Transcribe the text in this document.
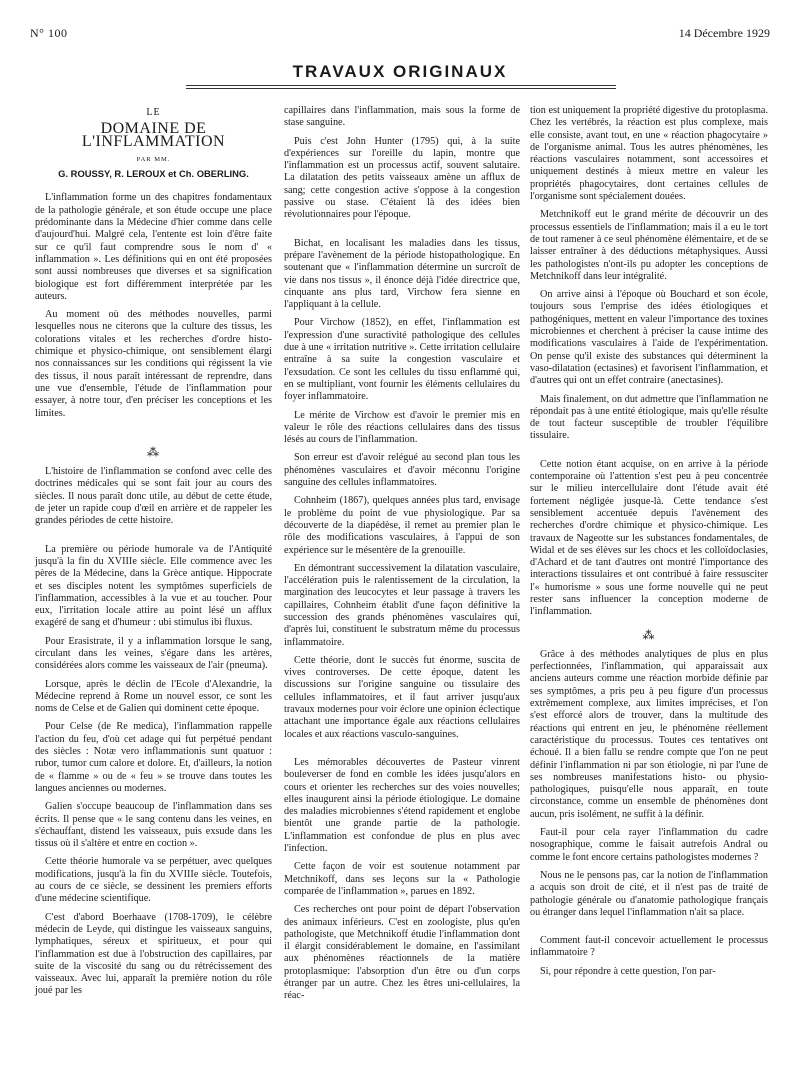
N° 100	14 Décembre 1929
TRAVAUX ORIGINAUX
LE
DOMAINE DE L'INFLAMMATION
PAR MM.
G. ROUSSY, R. LEROUX et Ch. OBERLING.

L'inflammation forme un des chapitres fondamentaux de la pathologie générale, et son étude occupe une place prédominante dans la Médecine d'hier comme dans celle d'aujourd'hui. Malgré cela, l'entente est loin d'être faite sur ce qu'il faut comprendre sous le nom d' « inflammation ». Les définitions qui en ont été proposées sont aussi nombreuses que diverses et sa signification biologique est fort différemment interprétée par les auteurs.

Au moment où des méthodes nouvelles, parmi lesquelles nous ne citerons que la culture des tissus, les colorations vitales et les recherches d'ordre histo-chimique et physico-chimique, ont sensiblement élargi nos connaissances sur les conditions qui régissent la vie des tissus, il nous paraît intéressant de reprendre, dans une vue d'ensemble, l'étude de l'inflammation pour essayer, à notre tour, d'en préciser les conceptions et les limites.

⁂

L'histoire de l'inflammation se confond avec celle des doctrines médicales qui se sont fait jour au cours des siècles. Il nous paraît donc utile, au début de cette étude, de jeter un rapide coup d'œil en arrière et de rappeler les grandes périodes de cette histoire.

La première ou période humorale va de l'Antiquité jusqu'à la fin du XVIIIe siècle. Elle commence avec les pères de la Médecine, dans la Grèce antique. Hippocrate et ses disciples notent les symptômes superficiels de l'inflammation, accessibles à la vue et au toucher. Pour eux, l'irritation locale attire au point lésé un afflux exagéré de sang et d'humeur : ubi stimulus ibi fluxus.

Pour Erasistrate, il y a inflammation lorsque le sang, circulant dans les veines, s'égare dans les artères, considérées alors comme les vaisseaux de l'air (pneuma).

Lorsque, après le déclin de l'Ecole d'Alexandrie, la Médecine reprend à Rome un nouvel essor, ce sont les noms de Celse et de Galien qui dominent cette époque.

Pour Celse (de Re medica), l'inflammation rappelle l'action du feu, d'où cet adage qui fut perpétué pendant des siècles : Notæ vero inflammationis sunt quatuor : rubor, tumor cum calore et dolore. Et, d'ailleurs, la notion de « flamme » ou de « feu » se trouve dans toutes les langues anciennes ou modernes.

Galien s'occupe beaucoup de l'inflammation dans ses écrits. Il pense que « le sang contenu dans les veines, en s'échauffant, distend les vaisseaux, puis exsude dans les tissus où il s'altère et entre en coction ».

Cette théorie humorale va se perpétuer, avec quelques modifications, jusqu'à la fin du XVIIIe siècle. Toutefois, au cours de ce siècle, se dessinent les premiers efforts d'une médecine scientifique.

C'est d'abord Boerhaave (1708-1709), le célèbre médecin de Leyde, qui distingue les vaisseaux sanguins, lymphatiques, séreux et spiritueux, et pour qui l'inflammation est due à l'obstruction des capillaires, par suite de la viscosité du sang ou du rétrécissement des vaisseaux. Avec lui, apparaît la première notion du rôle joué par les

capillaires dans l'inflammation, mais sous la forme de stase sanguine.

Puis c'est John Hunter (1795) qui, à la suite d'expériences sur l'oreille du lapin, montre que l'inflammation est un processus actif, souvent salutaire. La dilatation des petits vaisseaux amène un afflux de sang; cette congestion active s'oppose à la congestion passive ou stase. C'étaient là des idées bien révolutionnaires pour l'époque.

Bichat, en localisant les maladies dans les tissus, prépare l'avènement de la période histopathologique. En soutenant que « l'inflammation détermine un surcroît de vie dans nos tissus », il énonce déjà l'idée directrice que, cinquante ans plus tard, Virchow fera sienne en l'appliquant à la cellule.

Pour Virchow (1852), en effet, l'inflammation est l'expression d'une suractivité pathologique des cellules due à une « irritation nutritive ». Cette irritation cellulaire entraîne à sa suite la congestion vasculaire et l'exsudation. Ce sont les cellules du tissu enflammé qui, en se multipliant, vont fournir les éléments cellulaires du foyer inflammatoire.

Le mérite de Virchow est d'avoir le premier mis en valeur le rôle des réactions cellulaires dans des tissus lésés au cours de l'inflammation.

Son erreur est d'avoir relégué au second plan tous les phénomènes vasculaires et d'avoir méconnu l'origine sanguine des cellules inflammatoires.

Cohnheim (1867), quelques années plus tard, envisage le problème du point de vue physiologique. Par sa découverte de la diapédèse, il remet au premier plan le rôle des modifications vasculaires, à l'appui de son expérience sur le mésentère de la grenouille.

En démontrant successivement la dilatation vasculaire, l'accélération puis le ralentissement de la circulation, la margination des leucocytes et leur passage à travers les capillaires, Cohnheim établit d'une façon définitive la succession des grands phénomènes vasculaires qui, d'après lui, constituent le substratum même du processus inflammatoire.

Cette théorie, dont le succès fut énorme, suscita de vives controverses. De cette époque, datent les discussions sur l'origine sanguine ou tissulaire des cellules inflammatoires, et il faut arriver jusqu'aux travaux modernes pour voir éclore une opinion éclectique attachant une importance égale aux réactions cellulaires locales et aux réactions vasculo-sanguines.

Les mémorables découvertes de Pasteur vinrent bouleverser de fond en comble les idées jusqu'alors en cours et orienter les recherches sur des voies nouvelles; elles inaugurent ainsi la période étiologique. Le domaine des maladies microbiennes s'étend rapidement et englobe bientôt une grande partie de la pathologie. L'inflammation est confondue de plus en plus avec l'infection.

Cette façon de voir est soutenue notamment par Metchnikoff, dans ses leçons sur la « Pathologie comparée de l'inflammation », parues en 1892.

Ces recherches ont pour point de départ l'observation des animaux inférieurs. C'est en zoologiste, plus qu'en pathologiste, que Metchnikoff étudie l'inflammation dont il élargit considérablement le domaine, en l'assimilant aux phénomènes réactionnels de la matière protoplasmique: l'absorption d'un être ou d'un corps étranger par un autre. Chez les êtres uni-cellulaires, la réac-

tion est uniquement la propriété digestive du protoplasma. Chez les vertébrés, la réaction est plus complexe, mais elle consiste, avant tout, en une « réaction phagocytaire » de l'organisme animal. Tous les autres phénomènes, les réactions vasculaires notamment, sont accessoires et uniquement destinés à mieux mettre en valeur les propriétés phagocytaires, dont certaines cellules de l'organisme sont spécialement douées.

Metchnikoff eut le grand mérite de découvrir un des processus essentiels de l'inflammation; mais il a eu le tort de tout ramener à ce seul phénomène élémentaire, et de se laisser entraîner à des déductions métaphysiques. Aussi les pathologistes n'ont-ils pu adopter les conceptions de Metchnikoff dans leur intégralité.

On arrive ainsi à l'époque où Bouchard et son école, toujours sous l'emprise des idées étiologiques et pathogéniques, mettent en valeur l'importance des toxines microbiennes et cherchent à préciser la cause intime des modifications vasculaires à l'aide de l'expérimentation. On pense qu'il existe des substances qui déterminent la vaso-dilatation (ectasines) et favorisent l'inflammation, et d'autres qui ont un effet contraire (anectasines).

Mais finalement, on dut admettre que l'inflammation ne répondait pas à une entité étiologique, mais qu'elle résulte de tout facteur susceptible de troubler l'équilibre tissulaire.

Cette notion étant acquise, on en arrive à la période contemporaine où l'attention s'est peu à peu concentrée sur le milieu intercellulaire dont l'étude avait été fortement négligée jusque-là. Cette tendance s'est sensiblement accentuée depuis l'avènement des recherches d'ordre chimique et physico-chimique. Les travaux de Nageotte sur les substances fondamentales, de Widal et de ses élèves sur les chocs et les colloïdoclasies, d'Achard et de tant d'autres ont montré l'importance des interactions tissulaires et ont contribué à faire ressusciter l'« humorisme » sous une forme nouvelle qui ne peut rester sans influencer la conception moderne de l'inflammation.

⁂

Grâce à des méthodes analytiques de plus en plus perfectionnées, l'inflammation, qui apparaissait aux anciens auteurs comme une réaction morbide définie par ses symptômes, a pris peu à peu figure d'un processus extrêmement complexe, aux limites imprécises, et l'on s'est efforcé alors de trouver, dans la multitude des réactions qui entrent en jeu, le phénomène réellement caractéristique du processus. Toutes ces tentatives ont échoué. Il a bien fallu se rendre compte que l'on ne peut définir l'inflammation ni par son étiologie, ni par l'une de ses nombreuses manifestations histo- ou physio-pathologiques, puisqu'elle nous apparaît, en toute circonstance, comme un ensemble de phénomènes dont aucun, pris isolément, ne suffit à la définir.

Faut-il pour cela rayer l'inflammation du cadre nosographique, comme le faisait autrefois Andral ou comme le font encore certains pathologistes modernes ?

Nous ne le pensons pas, car la notion de l'inflammation a acquis son droit de cité, et il n'est pas de traité de pathologie générale ou d'anatomie pathologique français ou étranger dans lequel l'inflammation n'ait sa place.

Comment faut-il concevoir actuellement le processus inflammatoire ?

Si, pour répondre à cette question, l'on par-
